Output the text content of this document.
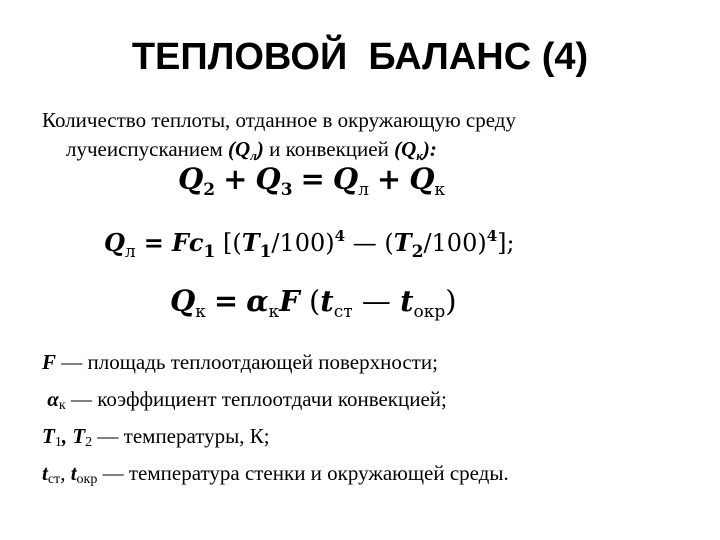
ТЕПЛОВОЙ  БАЛАНС (4)
Количество теплоты, отданное в окружающую среду
лучеиспусканием $(Q_л)$ и конвекцией $(Q_к)$:
$Q_2 + Q_3 = Q_л + Q_к$
$Q_л = Fc_1$ [$(T_1/100)^4$ — $(T_2/100)^4$];
$Q_к = \alpha_кF$ ($t_{ст}$ — $t_{окр}$)
F — площадь теплоотдающей поверхности;
$\alpha_к$ — коэффициент теплоотдачи конвекцией;
$T_1$, $T_2$ — температуры, К;
$t_{ст}$, $t_{окр}$ — температура стенки и окружающей среды.
